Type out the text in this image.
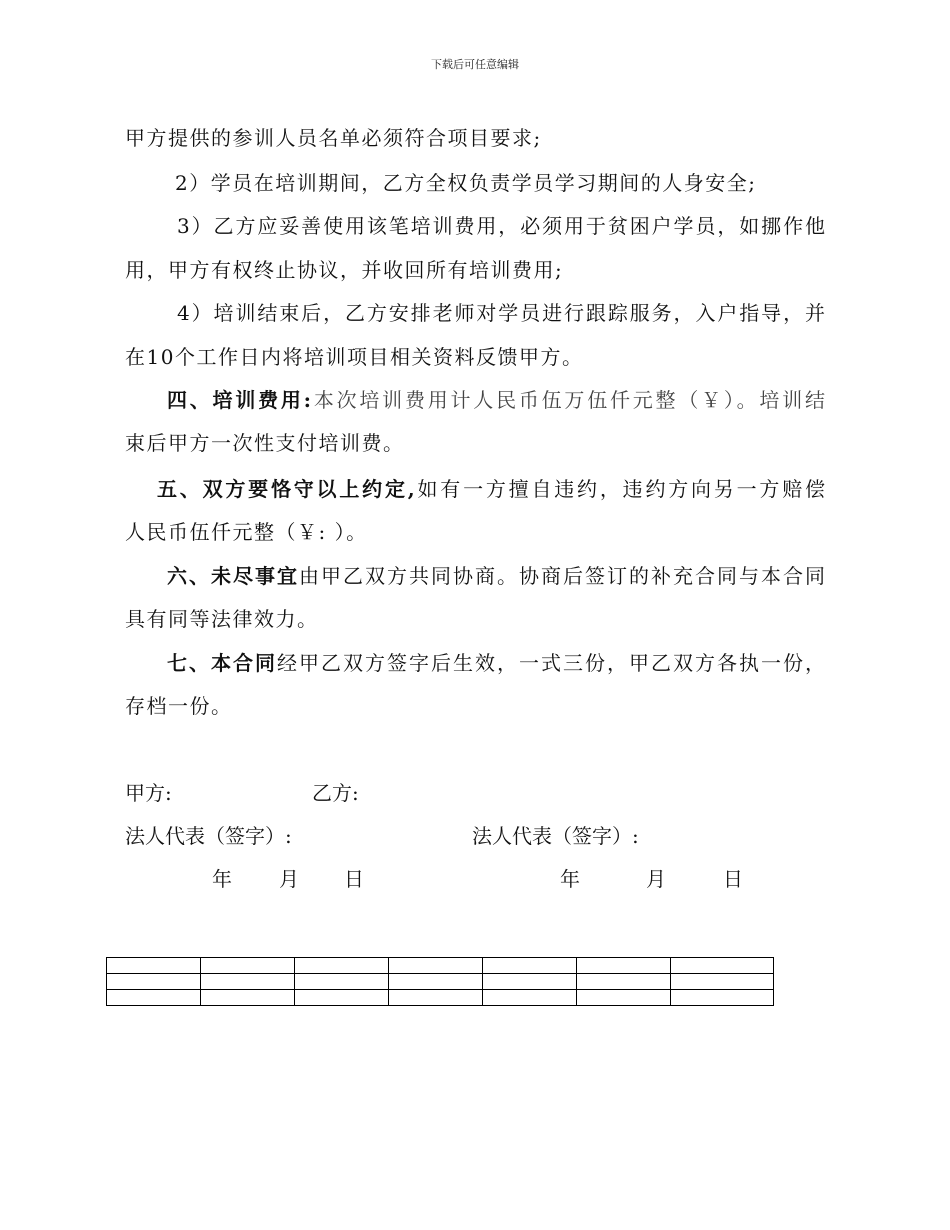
下载后可任意编辑
甲方提供的参训人员名单必须符合项目要求;
2）学员在培训期间，乙方全权负责学员学习期间的人身安全;
3）乙方应妥善使用该笔培训费用，必须用于贫困户学员，如挪作他
用，甲方有权终止协议，并收回所有培训费用;
4）培训结束后，乙方安排老师对学员进行跟踪服务，入户指导，并
在10个工作日内将培训项目相关资料反馈甲方。
四、培训费用:本次培训费用计人民币伍万伍仟元整（￥）。培训结
束后甲方一次性支付培训费。
五、双方要恪守以上约定,如有一方擅自违约，违约方向另一方赔偿
人民币伍仟元整（￥: ）。
六、未尽事宜由甲乙双方共同协商。协商后签订的补充合同与本合同
具有同等法律效力。
七、本合同经甲乙双方签字后生效，一式三份，甲乙双方各执一份，
存档一份。
甲方:	乙方:
法人代表（签字）:	法人代表（签字）:
年 月 日	年	月	日
